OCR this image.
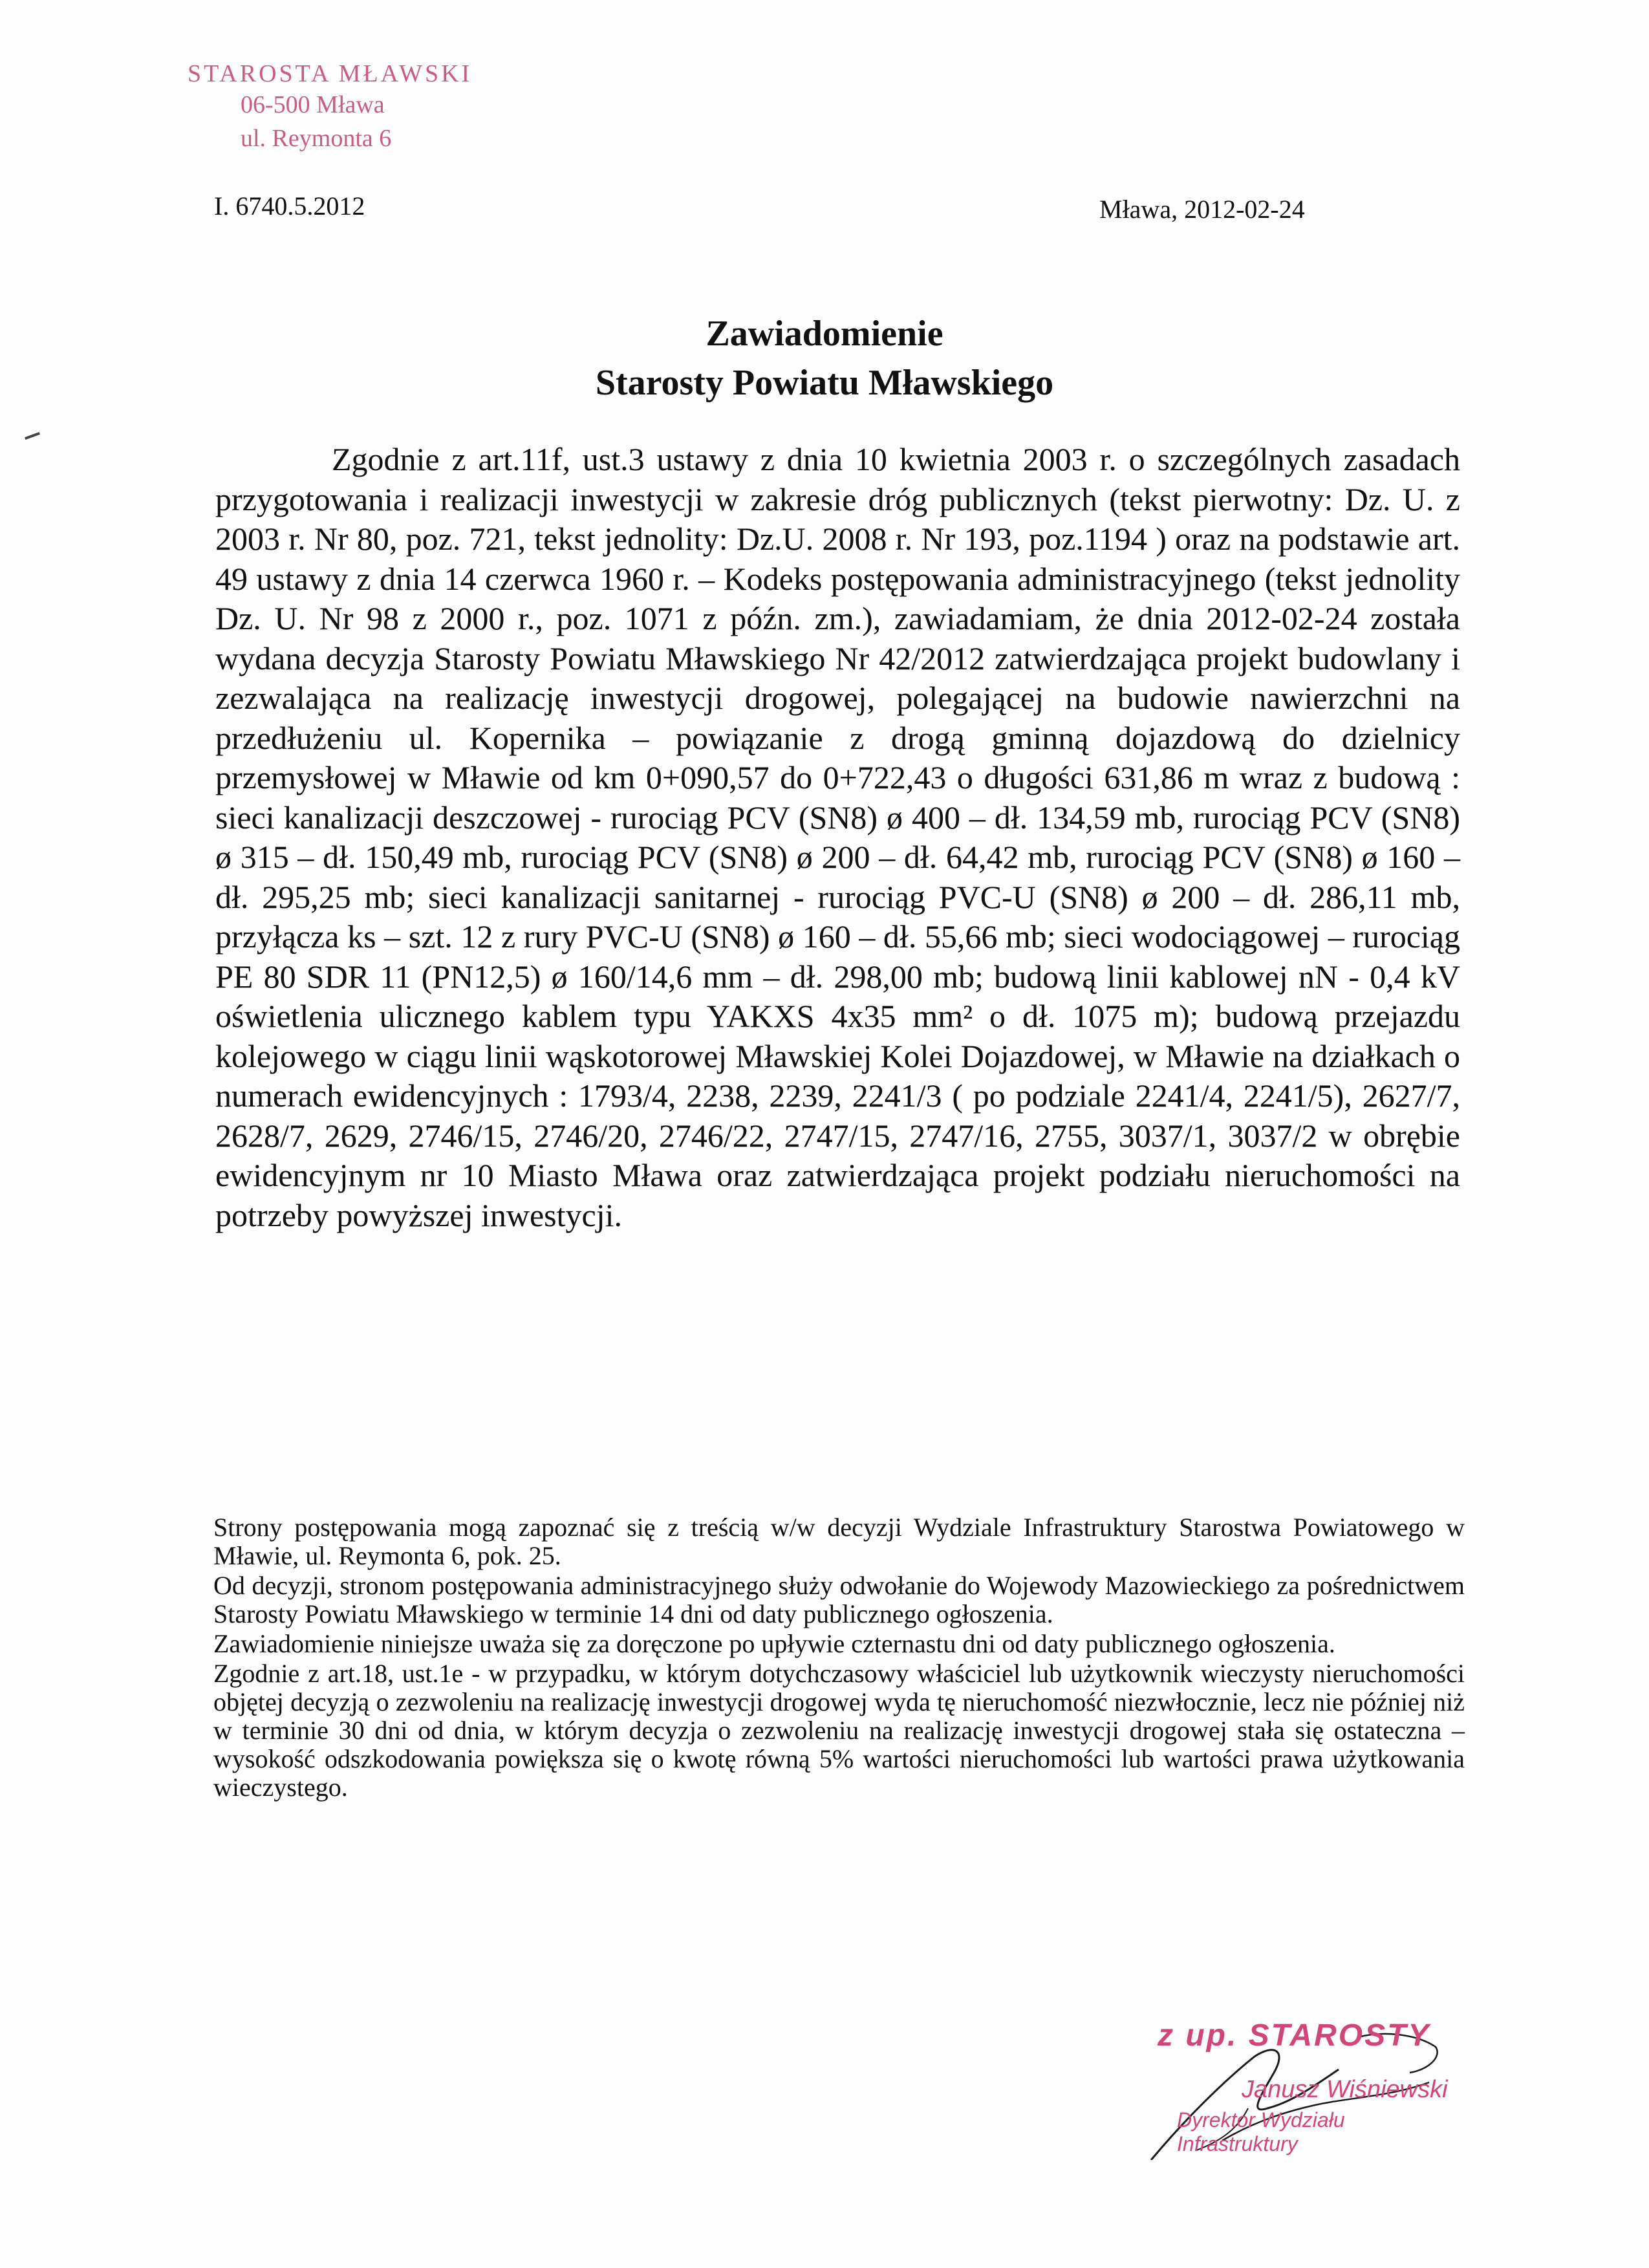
STAROSTA MŁAWSKI
06-500 Mława
ul. Reymonta 6
I. 6740.5.2012	Mława, 2012-02-24
Zawiadomienie
Starosty Powiatu Mławskiego

Zgodnie z art.11f, ust.3 ustawy z dnia 10 kwietnia 2003 r. o szczególnych zasadach przygotowania i realizacji inwestycji w zakresie dróg publicznych (tekst pierwotny: Dz. U. z 2003 r. Nr 80, poz. 721, tekst jednolity: Dz.U. 2008 r. Nr 193, poz.1194 ) oraz na podstawie art. 49 ustawy z dnia 14 czerwca 1960 r. – Kodeks postępowania administracyjnego (tekst jednolity Dz. U. Nr 98 z 2000 r., poz. 1071 z późn. zm.), zawiadamiam, że dnia 2012-02-24 została wydana decyzja Starosty Powiatu Mławskiego Nr 42/2012 zatwierdzająca projekt budowlany i zezwalająca na realizację inwestycji drogowej, polegającej na budowie nawierzchni na przedłużeniu ul. Kopernika – powiązanie z drogą gminną dojazdową do dzielnicy przemysłowej w Mławie od km 0+090,57 do 0+722,43 o długości 631,86 m wraz z budową : sieci kanalizacji deszczowej - rurociąg PCV (SN8) ø 400 – dł. 134,59 mb, rurociąg PCV (SN8) ø 315 – dł. 150,49 mb, rurociąg PCV (SN8) ø 200 – dł. 64,42 mb, rurociąg PCV (SN8) ø 160 – dł. 295,25 mb; sieci kanalizacji sanitarnej - rurociąg PVC-U (SN8) ø 200 – dł. 286,11 mb, przyłącza ks – szt. 12 z rury PVC-U (SN8) ø 160 – dł. 55,66 mb; sieci wodociągowej – rurociąg PE 80 SDR 11 (PN12,5) ø 160/14,6 mm – dł. 298,00 mb; budową linii kablowej nN - 0,4 kV oświetlenia ulicznego kablem typu YAKXS 4x35 mm² o dł. 1075 m); budową przejazdu kolejowego w ciągu linii wąskotorowej Mławskiej Kolei Dojazdowej, w Mławie na działkach o numerach ewidencyjnych : 1793/4, 2238, 2239, 2241/3 ( po podziale 2241/4, 2241/5), 2627/7, 2628/7, 2629, 2746/15, 2746/20, 2746/22, 2747/15, 2747/16, 2755, 3037/1, 3037/2 w obrębie ewidencyjnym nr 10 Miasto Mława oraz zatwierdzająca projekt podziału nieruchomości na potrzeby powyższej inwestycji.

Strony postępowania mogą zapoznać się z treścią w/w decyzji Wydziale Infrastruktury Starostwa Powiatowego w Mławie, ul. Reymonta 6, pok. 25.

Od decyzji, stronom postępowania administracyjnego służy odwołanie do Wojewody Mazowieckiego za pośrednictwem Starosty Powiatu Mławskiego w terminie 14 dni od daty publicznego ogłoszenia.

Zawiadomienie niniejsze uważa się za doręczone po upływie czternastu dni od daty publicznego ogłoszenia.

Zgodnie z art.18, ust.1e - w przypadku, w którym dotychczasowy właściciel lub użytkownik wieczysty nieruchomości objętej decyzją o zezwoleniu na realizację inwestycji drogowej wyda tę nieruchomość niezwłocznie, lecz nie później niż w terminie 30 dni od dnia, w którym decyzja o zezwoleniu na realizację inwestycji drogowej stała się ostateczna – wysokość odszkodowania powiększa się o kwotę równą 5% wartości nieruchomości lub wartości prawa użytkowania wieczystego.

z up. STAROSTY
Janusz Wiśniewski
Dyrektor Wydziału Infrastruktury
